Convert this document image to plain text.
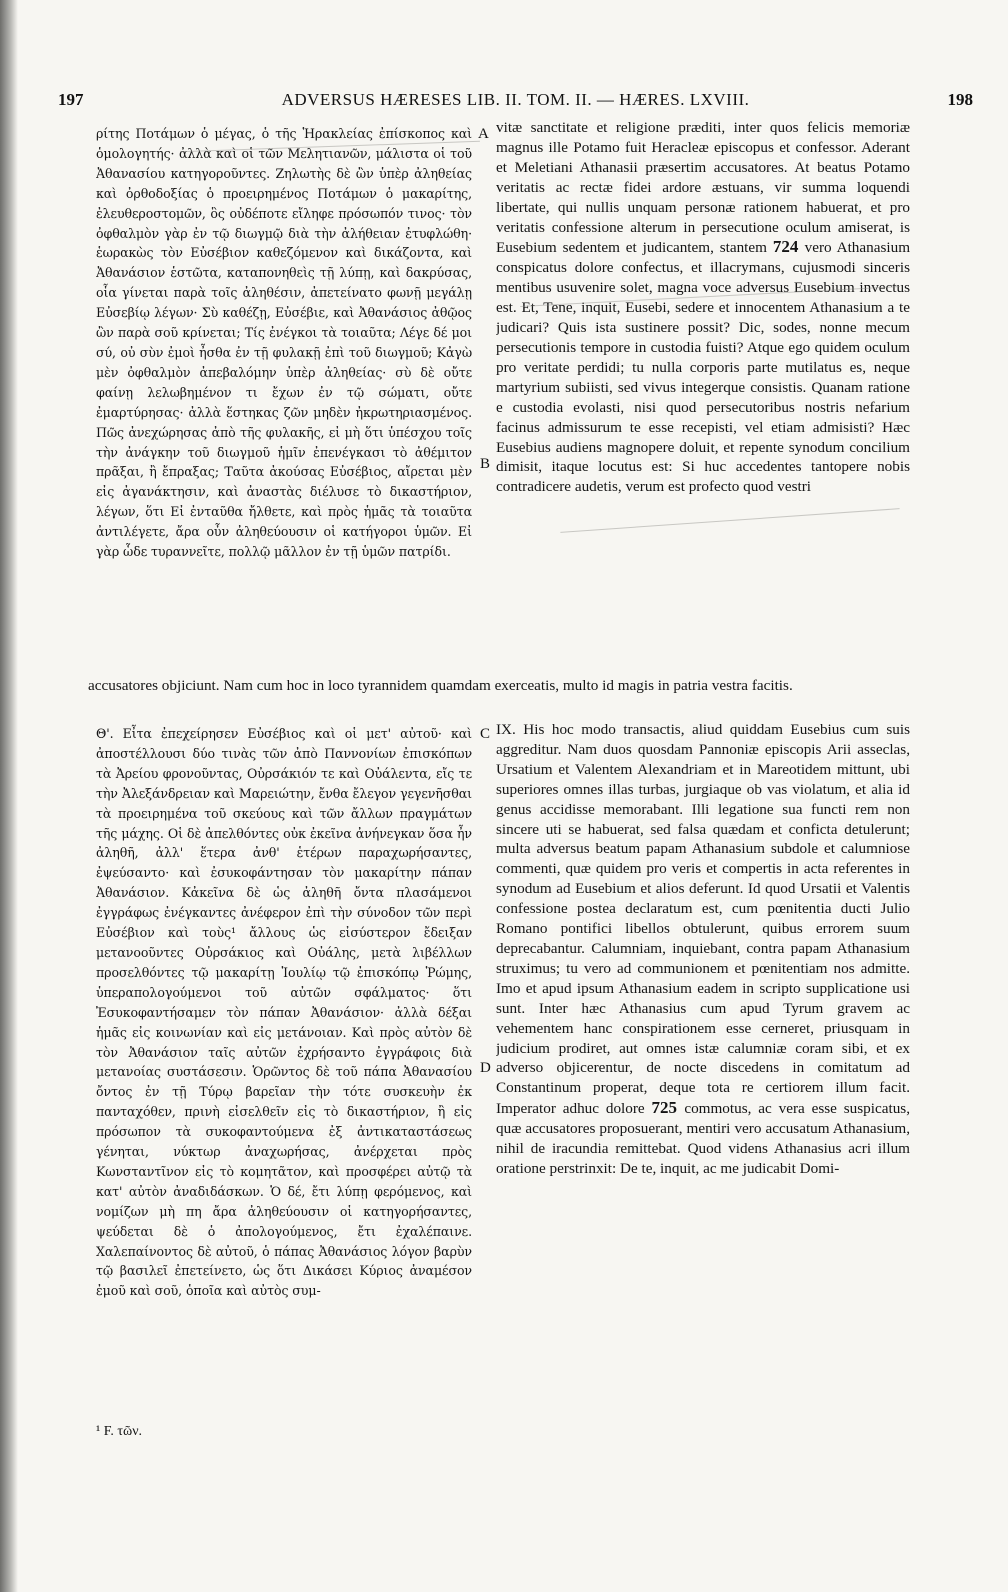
197	ADVERSUS HÆRESES LIB. II. TOM. II. — HÆRES. LXVIII.	198
ρίτης Ποτάμων ὁ μέγας, ὁ τῆς Ἡρακλείας ἐπίσκοπος καὶ ὁμολογητής· ἀλλὰ καὶ οἱ τῶν Μελητιανῶν, μάλιστα οἱ τοῦ Ἀθανασίου κατηγοροῦντες. Ζηλωτὴς δὲ ὢν ὑπὲρ ἀληθείας καὶ ὀρθοδοξίας ὁ προειρημένος Ποτάμων ὁ μακαρίτης, ἐλευθεροστομῶν, ὃς οὐδέποτε εἴληφε πρόσωπόν τινος· τὸν ὀφθαλμὸν γὰρ ἐν τῷ διωγμῷ διὰ τὴν ἀλήθειαν ἐτυφλώθη· ἑωρακὼς τὸν Εὐσέβιον καθεζόμενον καὶ δικάζοντα, καὶ Ἀθανάσιον ἑστῶτα, καταπονηθεὶς τῇ λύπῃ, καὶ δακρύσας, οἷα γίνεται παρὰ τοῖς ἀληθέσιν, ἀπετείνατο φωνῇ μεγάλῃ Εὐσεβίῳ λέγων· Σὺ καθέζῃ, Εὐσέβιε, καὶ Ἀθανάσιος ἀθῷος ὢν παρὰ σοῦ κρίνεται; Τίς ἐνέγκοι τὰ τοιαῦτα; Λέγε δέ μοι σύ, οὐ σὺν ἐμοὶ ἦσθα ἐν τῇ φυλακῇ ἐπὶ τοῦ διωγμοῦ; Κἀγὼ μὲν ὀφθαλμὸν ἀπεβαλόμην ὑπὲρ ἀληθείας· σὺ δὲ οὔτε φαίνῃ λελωβημένον τι ἔχων ἐν τῷ σώματι, οὔτε ἐμαρτύρησας· ἀλλὰ ἕστηκας ζῶν μηδὲν ἠκρωτηριασμένος. Πῶς ἀνεχώρησας ἀπὸ τῆς φυλακῆς, εἰ μὴ ὅτι ὑπέσχου τοῖς τὴν ἀνάγκην τοῦ διωγμοῦ ἡμῖν ἐπενέγκασι τὸ ἀθέμιτον πρᾶξαι, ἢ ἔπραξας; Ταῦτα ἀκούσας Εὐσέβιος, αἴρεται μὲν εἰς ἀγανάκτησιν, καὶ ἀναστὰς διέλυσε τὸ δικαστήριον, λέγων, ὅτι Εἰ ἐνταῦθα ἤλθετε, καὶ πρὸς ἡμᾶς τὰ τοιαῦτα ἀντιλέγετε, ἄρα οὖν ἀληθεύουσιν οἱ κατήγοροι ὑμῶν. Εἰ γὰρ ὧδε τυραννεῖτε, πολλῷ μᾶλλον ἐν τῇ ὑμῶν πατρίδι.
vitæ sanctitate et religione præditi, inter quos felicis memoriæ magnus ille Potamo fuit Heracleæ episcopus et confessor. Aderant et Meletiani Athanasii præsertim accusatores. At beatus Potamo veritatis ac rectæ fidei ardore æstuans, vir summa loquendi libertate, qui nullis unquam personæ rationem habuerat, et pro veritatis confessione alterum in persecutione oculum amiserat, is Eusebium sedentem et judicantem, stantem 724 vero Athanasium conspicatus dolore confectus, et illacrymans, cujusmodi sinceris mentibus usuvenire solet, magna voce adversus Eusebium invectus est. Et, Tene, inquit, Eusebi, sedere et innocentem Athanasium a te judicari? Quis ista sustinere possit? Dic, sodes, nonne mecum persecutionis tempore in custodia fuisti? Atque ego quidem oculum pro veritate perdidi; tu nulla corporis parte mutilatus es, neque martyrium subiisti, sed vivus integerque consistis. Quanam ratione e custodia evolasti, nisi quod persecutoribus nostris nefarium facinus admissurum te esse recepisti, vel etiam admisisti? Hæc Eusebius audiens magnopere doluit, et repente synodum concilium dimisit, itaque locutus est: Si huc accedentes tantopere nobis contradicere audetis, verum est profecto quod vestri
accusatores objiciunt. Nam cum hoc in loco tyrannidem quamdam exerceatis, multo id magis in patria vestra facitis.
Θ'. Εἶτα ἐπεχείρησεν Εὐσέβιος καὶ οἱ μετ' αὐτοῦ· καὶ ἀποστέλλουσι δύο τινὰς τῶν ἀπὸ Παννονίων ἐπισκόπων τὰ Ἀρείου φρονοῦντας, Οὐρσάκιόν τε καὶ Οὐάλεντα, εἴς τε τὴν Ἀλεξάνδρειαν καὶ Μαρειώτην, ἔνθα ἔλεγον γεγενῆσθαι τὰ προειρημένα τοῦ σκεύους καὶ τῶν ἄλλων πραγμάτων τῆς μάχης. Οἱ δὲ ἀπελθόντες οὐκ ἐκεῖνα ἀνήνεγκαν ὅσα ἦν ἀληθῆ, ἀλλ' ἕτερα ἀνθ' ἑτέρων παραχωρήσαντες, ἐψεύσαντο· καὶ ἐσυκοφάντησαν τὸν μακαρίτην πάπαν Ἀθανάσιον. Κἀκεῖνα δὲ ὡς ἀληθῆ ὄντα πλασάμενοι ἐγγράφως ἐνέγκαντες ἀνέφερον ἐπὶ τὴν σύνοδον τῶν περὶ Εὐσέβιον καὶ τοὺς¹ ἄλλους ὡς εἰσύστερον ἔδειξαν μετανοοῦντες Οὐρσάκιος καὶ Οὐάλης, μετὰ λιβέλλων προσελθόντες τῷ μακαρίτῃ Ἰουλίῳ τῷ ἐπισκόπῳ Ῥώμης, ὑπεραπολογούμενοι τοῦ αὐτῶν σφάλματος· ὅτι Ἐσυκοφαντήσαμεν τὸν πάπαν Ἀθανάσιον· ἀλλὰ δέξαι ἡμᾶς εἰς κοινωνίαν καὶ εἰς μετάνοιαν. Καὶ πρὸς αὐτὸν δὲ τὸν Ἀθανάσιον ταῖς αὐτῶν ἐχρήσαντο ἐγγράφοις διὰ μετανοίας συστάσεσιν. Ὁρῶντος δὲ τοῦ πάπα Ἀθανασίου ὄντος ἐν τῇ Τύρῳ βαρεῖαν τὴν τότε συσκευὴν ἐκ πανταχόθεν, πρινὴ εἰσελθεῖν εἰς τὸ δικαστήριον, ἢ εἰς πρόσωπον τὰ συκοφαντούμενα ἐξ ἀντικαταστάσεως γένηται, νύκτωρ ἀναχωρήσας, ἀνέρχεται πρὸς Κωνσταντῖνον εἰς τὸ κομητᾶτον, καὶ προσφέρει αὐτῷ τὰ κατ' αὐτὸν ἀναδιδάσκων. Ὁ δέ, ἔτι λύπῃ φερόμενος, καὶ νομίζων μὴ πη ἄρα ἀληθεύουσιν οἱ κατηγορήσαντες, ψεύδεται δὲ ὁ ἀπολογούμενος, ἔτι ἐχαλέπαινε. Χαλεπαίνοντος δὲ αὐτοῦ, ὁ πάπας Ἀθανάσιος λόγον βαρὺν τῷ βασιλεῖ ἐπετείνετο, ὡς ὅτι Δικάσει Κύριος ἀναμέσον ἐμοῦ καὶ σοῦ, ὁποῖα καὶ αὐτὸς συμ-
IX. His hoc modo transactis, aliud quiddam Eusebius cum suis aggreditur. Nam duos quosdam Pannoniæ episcopis Arii asseclas, Ursatium et Valentem Alexandriam et in Mareotidem mittunt, ubi superiores omnes illas turbas, jurgiaque ob vas violatum, et alia id genus accidisse memorabant. Illi legatione sua functi rem non sincere uti se habuerat, sed falsa quædam et conficta detulerunt; multa adversus beatum papam Athanasium subdole et calumniose commenti, quæ quidem pro veris et compertis in acta referentes in synodum ad Eusebium et alios deferunt. Id quod Ursatii et Valentis confessione postea declaratum est, cum pœnitentia ducti Julio Romano pontifici libellos obtulerunt, quibus errorem suum deprecabantur. Calumniam, inquiebant, contra papam Athanasium struximus; tu vero ad communionem et pœnitentiam nos admitte. Imo et apud ipsum Athanasium eadem in scripto supplicatione usi sunt. Inter hæc Athanasius cum apud Tyrum gravem ac vehementem hanc conspirationem esse cerneret, priusquam in judicium prodiret, aut omnes istæ calumniæ coram sibi, et ex adverso objicerentur, de nocte discedens in comitatum ad Constantinum properat, deque tota re certiorem illum facit. Imperator adhuc dolore 725 commotus, ac vera esse suspicatus, quæ accusatores proposuerant, mentiri vero accusatum Athanasium, nihil de iracundia remittebat. Quod videns Athanasius acri illum oratione perstrinxit: De te, inquit, ac me judicabit Domi-
A
B
C
D
¹ F. τῶν.
